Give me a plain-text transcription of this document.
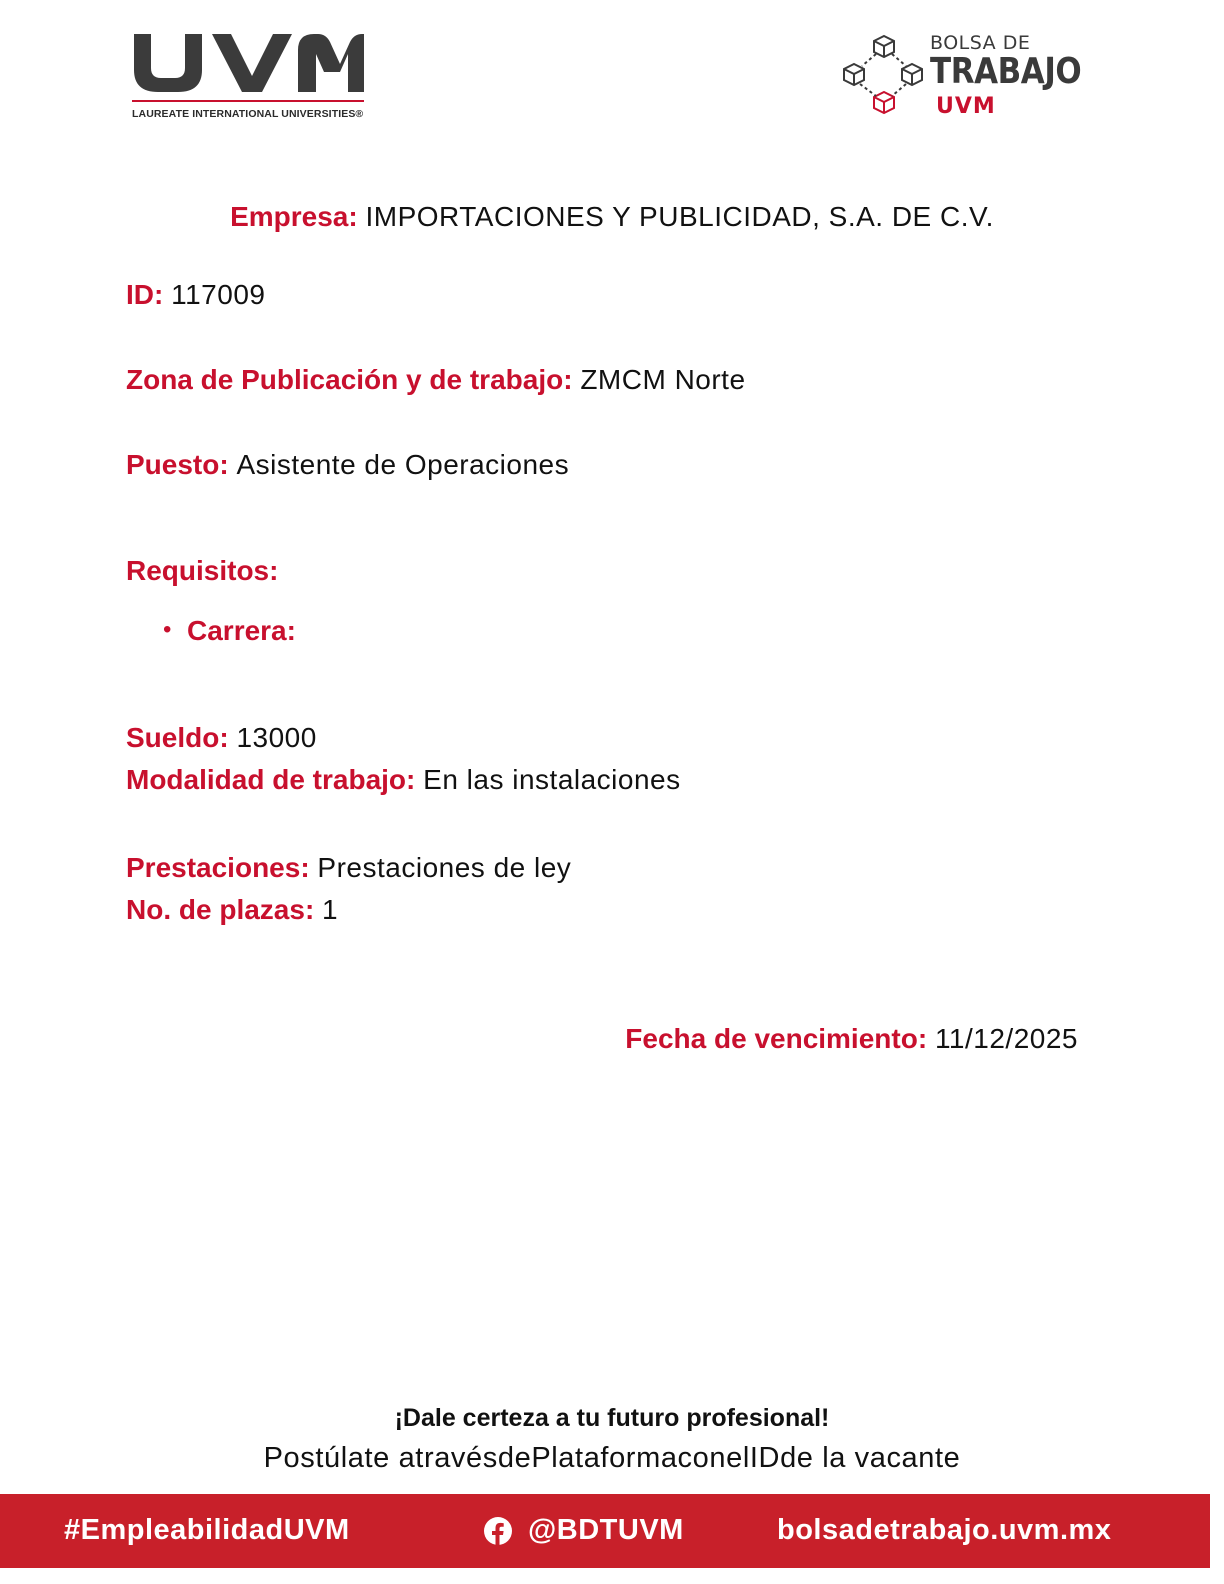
LAUREATE INTERNATIONAL UNIVERSITIES®
BOLSA DE
TRABAJO
UVM
Empresa: IMPORTACIONES Y PUBLICIDAD, S.A. DE C.V.
ID: 117009
Zona de Publicación y de trabajo: ZMCM Norte
Puesto: Asistente de Operaciones
Requisitos:
• Carrera:
Sueldo: 13000
Modalidad de trabajo: En las instalaciones
Prestaciones: Prestaciones de ley
No. de plazas: 1
Fecha de vencimiento: 11/12/2025
¡Dale certeza a tu futuro profesional!
Postúlate atravésdePlataformaconelIDde la vacante
#EmpleabilidadUVM	@BDTUVM	bolsadetrabajo.uvm.mx
